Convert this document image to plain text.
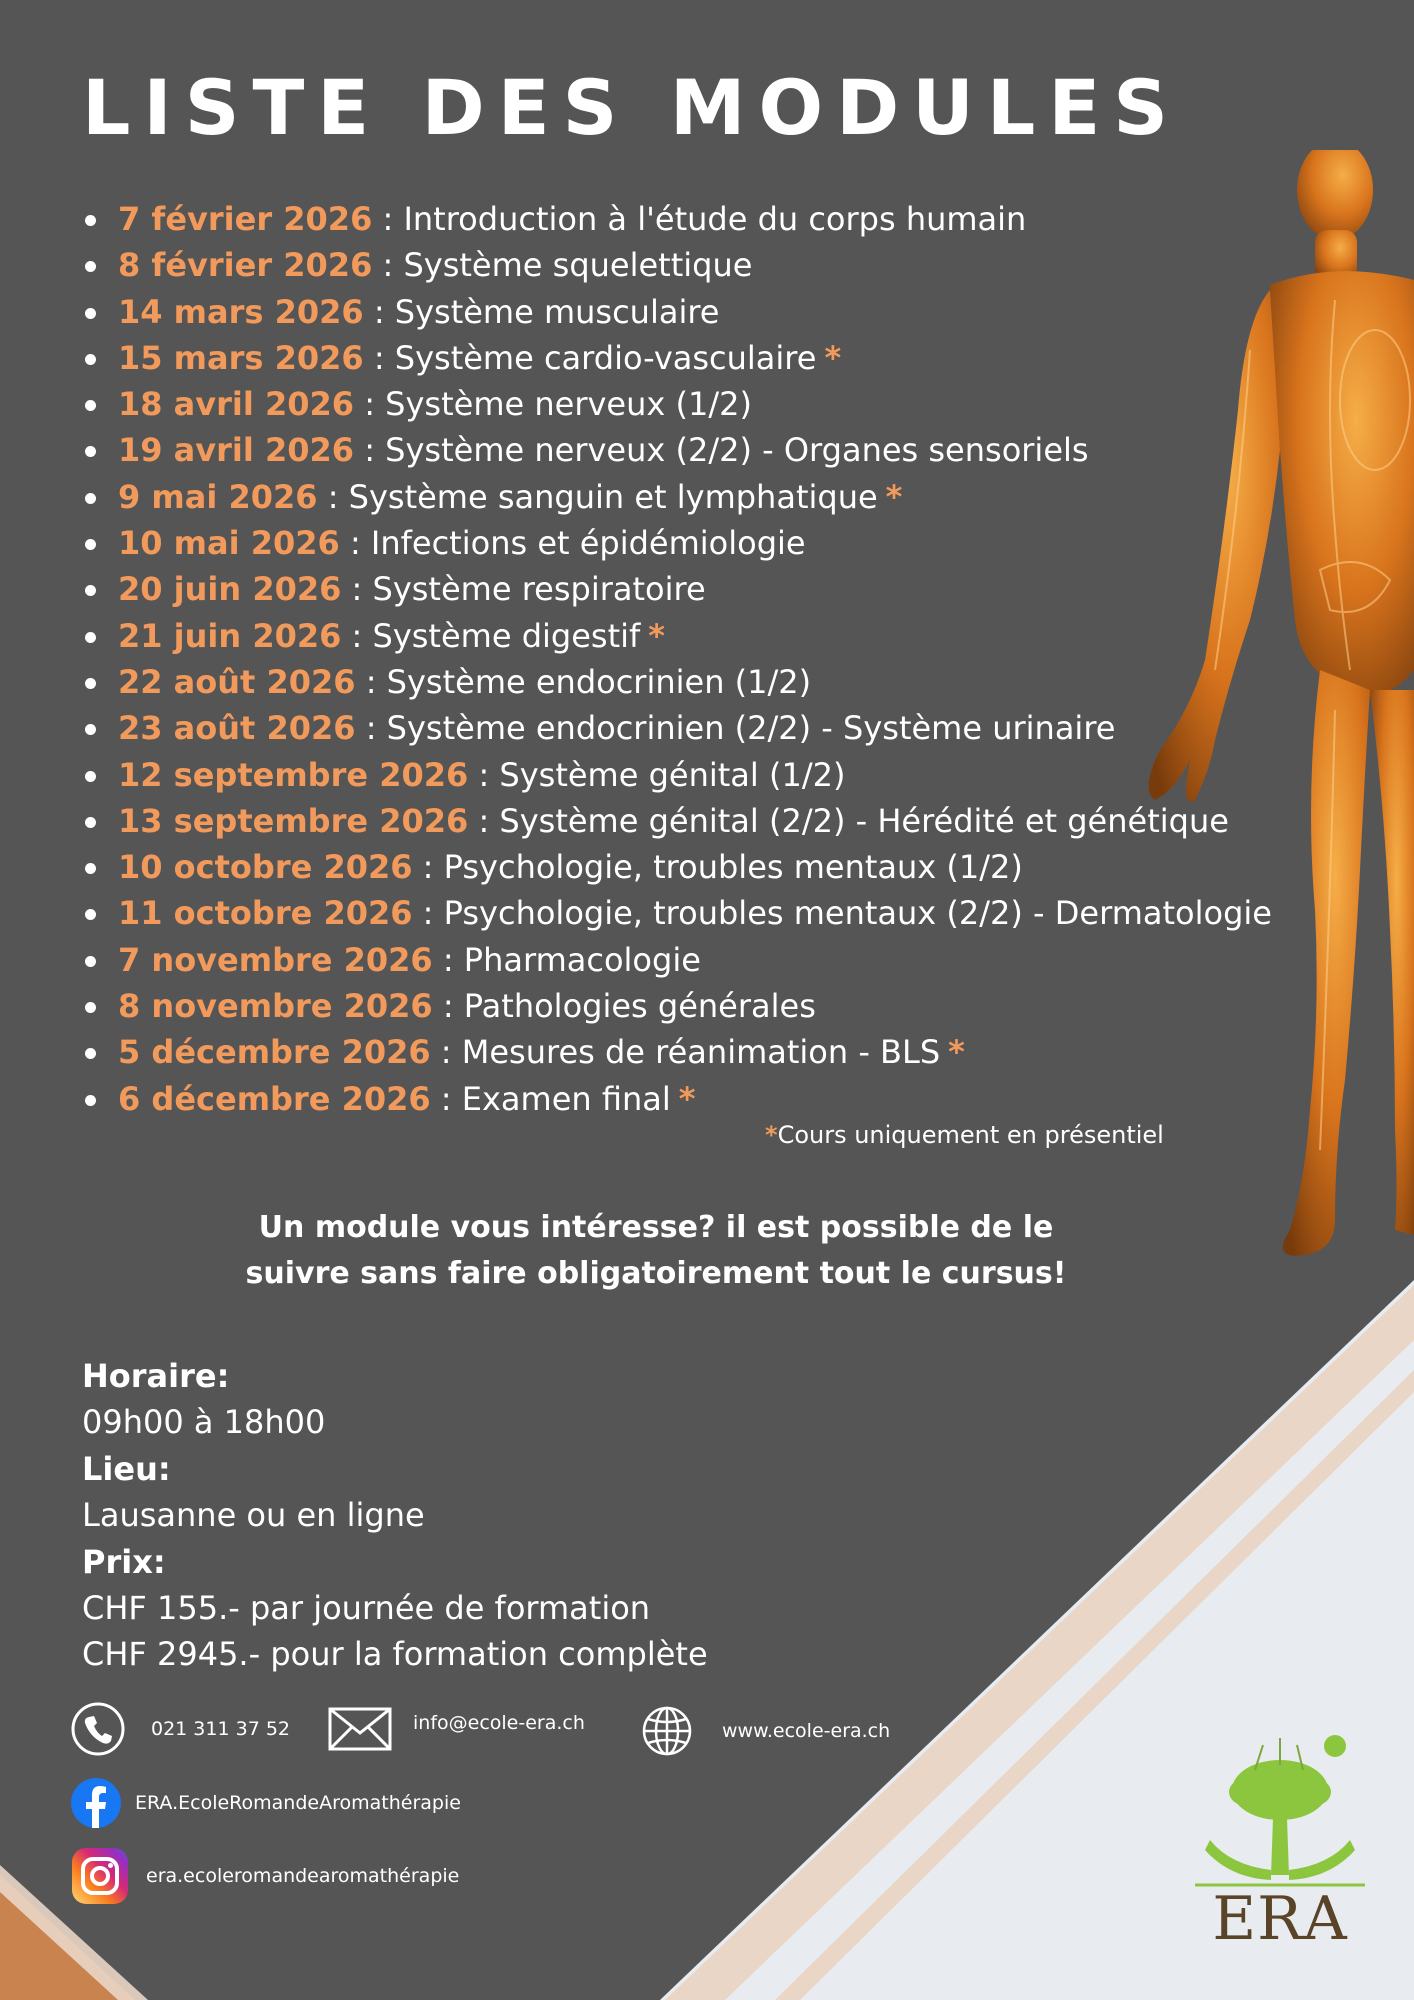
LISTE DES MODULES
7 février 2026 : Introduction à l'étude du corps humain
8 février 2026 : Système squelettique
14 mars 2026 : Système musculaire
15 mars 2026 : Système cardio-vasculaire *
18 avril 2026 : Système nerveux (1/2)
19 avril 2026 : Système nerveux (2/2) - Organes sensoriels
9 mai 2026 : Système sanguin et lymphatique *
10 mai 2026 : Infections et épidémiologie
20 juin 2026 : Système respiratoire
21 juin 2026 : Système digestif *
22 août 2026 : Système endocrinien (1/2)
23 août 2026 : Système endocrinien (2/2) - Système urinaire
12 septembre 2026 : Système génital (1/2)
13 septembre 2026 : Système génital (2/2) - Hérédité et génétique
10 octobre 2026 : Psychologie, troubles mentaux (1/2)
11 octobre 2026 : Psychologie, troubles mentaux (2/2) - Dermatologie
7 novembre 2026 : Pharmacologie
8 novembre 2026 : Pathologies générales
5 décembre 2026 : Mesures de réanimation - BLS *
6 décembre 2026 : Examen final *
*Cours uniquement en présentiel
Un module vous intéresse? il est possible de le
suivre sans faire obligatoirement tout le cursus!
Horaire:
09h00 à 18h00
Lieu:
Lausanne ou en ligne
Prix:
CHF 155.- par journée de formation
CHF 2945.- pour la formation complète
021 311 37 52	info@ecole-era.ch	www.ecole-era.ch
ERA.EcoleRomandeAromathérapie
era.ecoleromandearomathérapie
ERA
